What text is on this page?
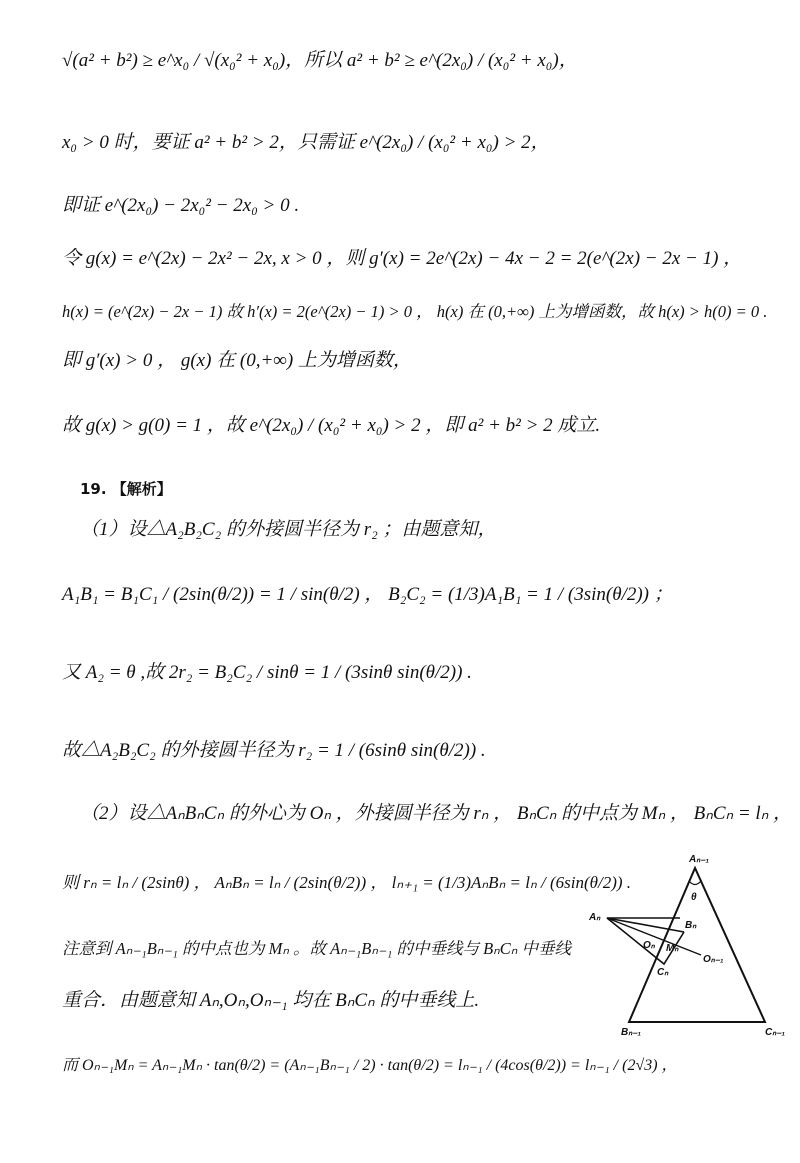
√(a² + b²) ≥ e^x₀ / √(x₀² + x₀)，所以 a² + b² ≥ e^(2x₀) / (x₀² + x₀)，
x₀ > 0 时，要证 a² + b² > 2，只需证 e^(2x₀) / (x₀² + x₀) > 2，
即证 e^(2x₀) − 2x₀² − 2x₀ > 0 .
令 g(x) = e^(2x) − 2x² − 2x, x > 0 ，则 g′(x) = 2e^(2x) − 4x − 2 = 2(e^(2x) − 2x − 1) ，
h(x) = (e^(2x) − 2x − 1) 故 h′(x) = 2(e^(2x) − 1) > 0 ， h(x) 在 (0,+∞) 上为增函数，故 h(x) > h(0) = 0 .
即 g′(x) > 0 ， g(x) 在 (0,+∞) 上为增函数，
故 g(x) > g(0) = 1 ，故 e^(2x₀) / (x₀² + x₀) > 2 ，即 a² + b² > 2 成立.
19. 【解析】
（1）设△A₂B₂C₂ 的外接圆半径为 r₂ ；由题意知，
A₁B₁ = B₁C₁ / (2sin(θ/2)) = 1 / sin(θ/2) ， B₂C₂ = (1/3)A₁B₁ = 1 / (3sin(θ/2)) ；
又 A₂ = θ ,故 2r₂ = B₂C₂ / sinθ = 1 / (3sinθ sin(θ/2)) .
故△A₂B₂C₂ 的外接圆半径为 r₂ = 1 / (6sinθ sin(θ/2)) .
（2）设△AₙBₙCₙ 的外心为 Oₙ ，外接圆半径为 rₙ ， BₙCₙ 的中点为 Mₙ ， BₙCₙ = lₙ ，
则 rₙ = lₙ / (2sinθ) ， AₙBₙ = lₙ / (2sin(θ/2)) ， lₙ₊₁ = (1/3)AₙBₙ = lₙ / (6sin(θ/2)) .
注意到 Aₙ₋₁Bₙ₋₁ 的中点也为 Mₙ 。故 Aₙ₋₁Bₙ₋₁ 的中垂线与 BₙCₙ 中垂线
重合．由题意知 Aₙ,Oₙ,Oₙ₋₁ 均在 BₙCₙ 的中垂线上.
而 Oₙ₋₁Mₙ = Aₙ₋₁Mₙ · tan(θ/2) = (Aₙ₋₁Bₙ₋₁ / 2) · tan(θ/2) = lₙ₋₁ / (4cos(θ/2)) = lₙ₋₁ / (2√3) ，
Aₙ₋₁
θ
Aₙ
Bₙ
Oₙ Mₙ
Oₙ₋₁
Cₙ
Bₙ₋₁	Cₙ₋₁
